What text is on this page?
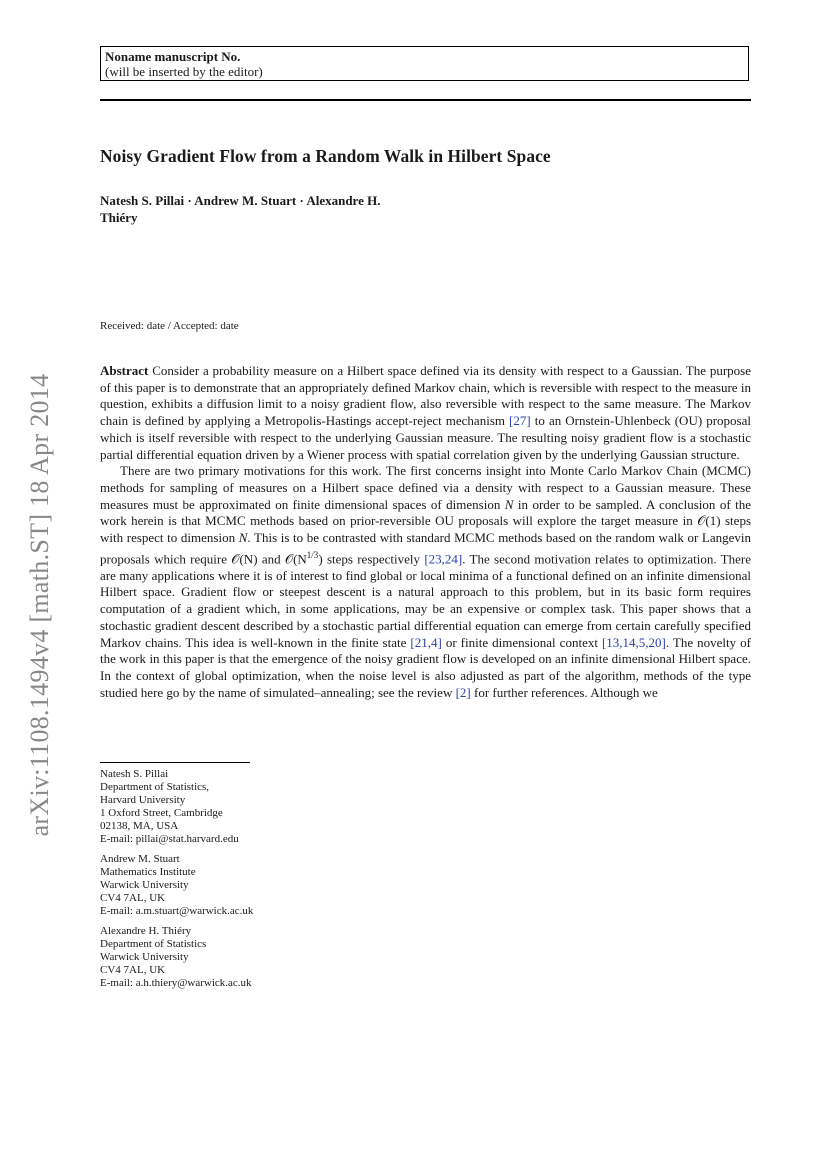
Noname manuscript No.
(will be inserted by the editor)
Noisy Gradient Flow from a Random Walk in Hilbert Space
Natesh S. Pillai · Andrew M. Stuart · Alexandre H.
Thiéry
Received: date / Accepted: date
arXiv:1108.1494v4 [math.ST] 18 Apr 2014

Abstract Consider a probability measure on a Hilbert space defined via its density with respect to a Gaussian. The purpose of this paper is to demonstrate that an appropriately defined Markov chain, which is reversible with respect to the measure in question, exhibits a diffusion limit to a noisy gradient flow, also reversible with respect to the same measure. The Markov chain is defined by applying a Metropolis-Hastings accept-reject mechanism [27] to an Ornstein-Uhlenbeck (OU) proposal which is itself reversible with respect to the underlying Gaussian measure. The resulting noisy gradient flow is a stochastic partial differential equation driven by a Wiener process with spatial correlation given by the underlying Gaussian structure.

There are two primary motivations for this work. The first concerns insight into Monte Carlo Markov Chain (MCMC) methods for sampling of measures on a Hilbert space defined via a density with respect to a Gaussian measure. These measures must be approximated on finite dimensional spaces of dimension N in order to be sampled. A conclusion of the work herein is that MCMC methods based on prior-reversible OU proposals will explore the target measure in 𝒪(1) steps with respect to dimension N. This is to be contrasted with standard MCMC methods based on the random walk or Langevin proposals which require 𝒪(N) and $𝒪(N^{1/3})$ steps respectively [23,24]. The second motivation relates to optimization. There are many applications where it is of interest to find global or local minima of a functional defined on an infinite dimensional Hilbert space. Gradient flow or steepest descent is a natural approach to this problem, but in its basic form requires computation of a gradient which, in some applications, may be an expensive or complex task. This paper shows that a stochastic gradient descent described by a stochastic partial differential equation can emerge from certain carefully specified Markov chains. This idea is well-known in the finite state [21,4] or finite dimensional context [13,14,5,20]. The novelty of the work in this paper is that the emergence of the noisy gradient flow is developed on an infinite dimensional Hilbert space. In the context of global optimization, when the noise level is also adjusted as part of the algorithm, methods of the type studied here go by the name of simulated–annealing; see the review [2] for further references. Although we

Natesh S. Pillai
Department of Statistics,
Harvard University
1 Oxford Street, Cambridge
02138, MA, USA
E-mail: pillai@stat.harvard.edu
Andrew M. Stuart
Mathematics Institute
Warwick University
CV4 7AL, UK
E-mail: a.m.stuart@warwick.ac.uk
Alexandre H. Thiéry
Department of Statistics
Warwick University
CV4 7AL, UK
E-mail: a.h.thiery@warwick.ac.uk
